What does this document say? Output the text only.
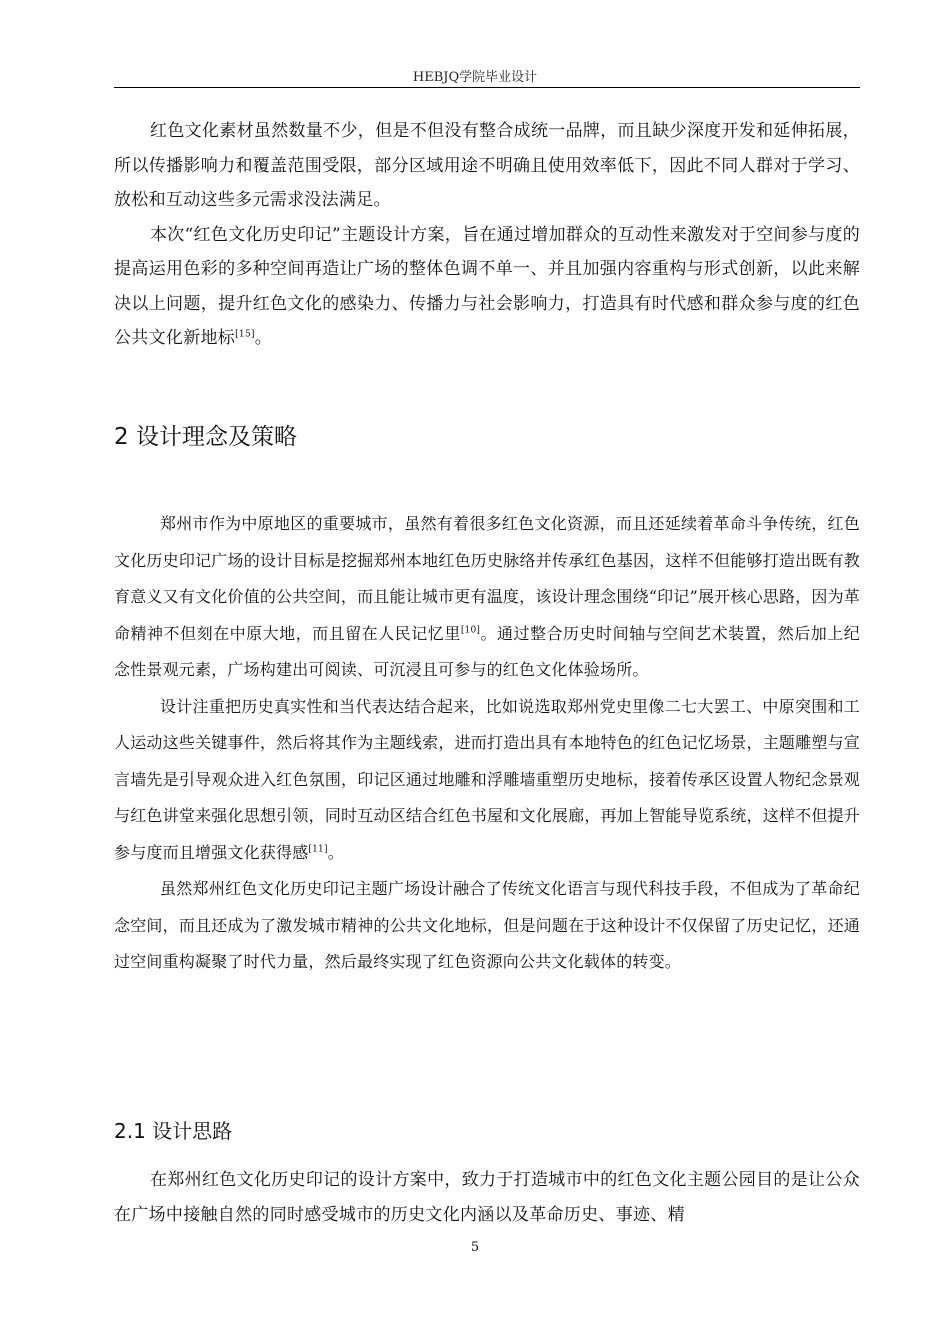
HEBJQ学院毕业设计

红色文化素材虽然数量不少，但是不但没有整合成统一品牌，而且缺少深度开发和延伸拓展，所以传播影响力和覆盖范围受限，部分区域用途不明确且使用效率低下，因此不同人群对于学习、放松和互动这些多元需求没法满足。

本次“红色文化历史印记”主题设计方案，旨在通过增加群众的互动性来激发对于空间参与度的提高运用色彩的多种空间再造让广场的整体色调不单一、并且加强内容重构与形式创新，以此来解决以上问题，提升红色文化的感染力、传播力与社会影响力，打造具有时代感和群众参与度的红色公共文化新地标[15]。

2 设计理念及策略

郑州市作为中原地区的重要城市，虽然有着很多红色文化资源，而且还延续着革命斗争传统，红色文化历史印记广场的设计目标是挖掘郑州本地红色历史脉络并传承红色基因，这样不但能够打造出既有教育意义又有文化价值的公共空间，而且能让城市更有温度，该设计理念围绕“印记”展开核心思路，因为革命精神不但刻在中原大地，而且留在人民记忆里[10]。通过整合历史时间轴与空间艺术装置，然后加上纪念性景观元素，广场构建出可阅读、可沉浸且可参与的红色文化体验场所。

设计注重把历史真实性和当代表达结合起来，比如说选取郑州党史里像二七大罢工、中原突围和工人运动这些关键事件，然后将其作为主题线索，进而打造出具有本地特色的红色记忆场景，主题雕塑与宣言墙先是引导观众进入红色氛围，印记区通过地雕和浮雕墙重塑历史地标，接着传承区设置人物纪念景观与红色讲堂来强化思想引领，同时互动区结合红色书屋和文化展廊，再加上智能导览系统，这样不但提升参与度而且增强文化获得感[11]。

虽然郑州红色文化历史印记主题广场设计融合了传统文化语言与现代科技手段，不但成为了革命纪念空间，而且还成为了激发城市精神的公共文化地标，但是问题在于这种设计不仅保留了历史记忆，还通过空间重构凝聚了时代力量，然后最终实现了红色资源向公共文化载体的转变。

2.1 设计思路

在郑州红色文化历史印记的设计方案中，致力于打造城市中的红色文化主题公园目的是让公众在广场中接触自然的同时感受城市的历史文化内涵以及革命历史、事迹、精

5
